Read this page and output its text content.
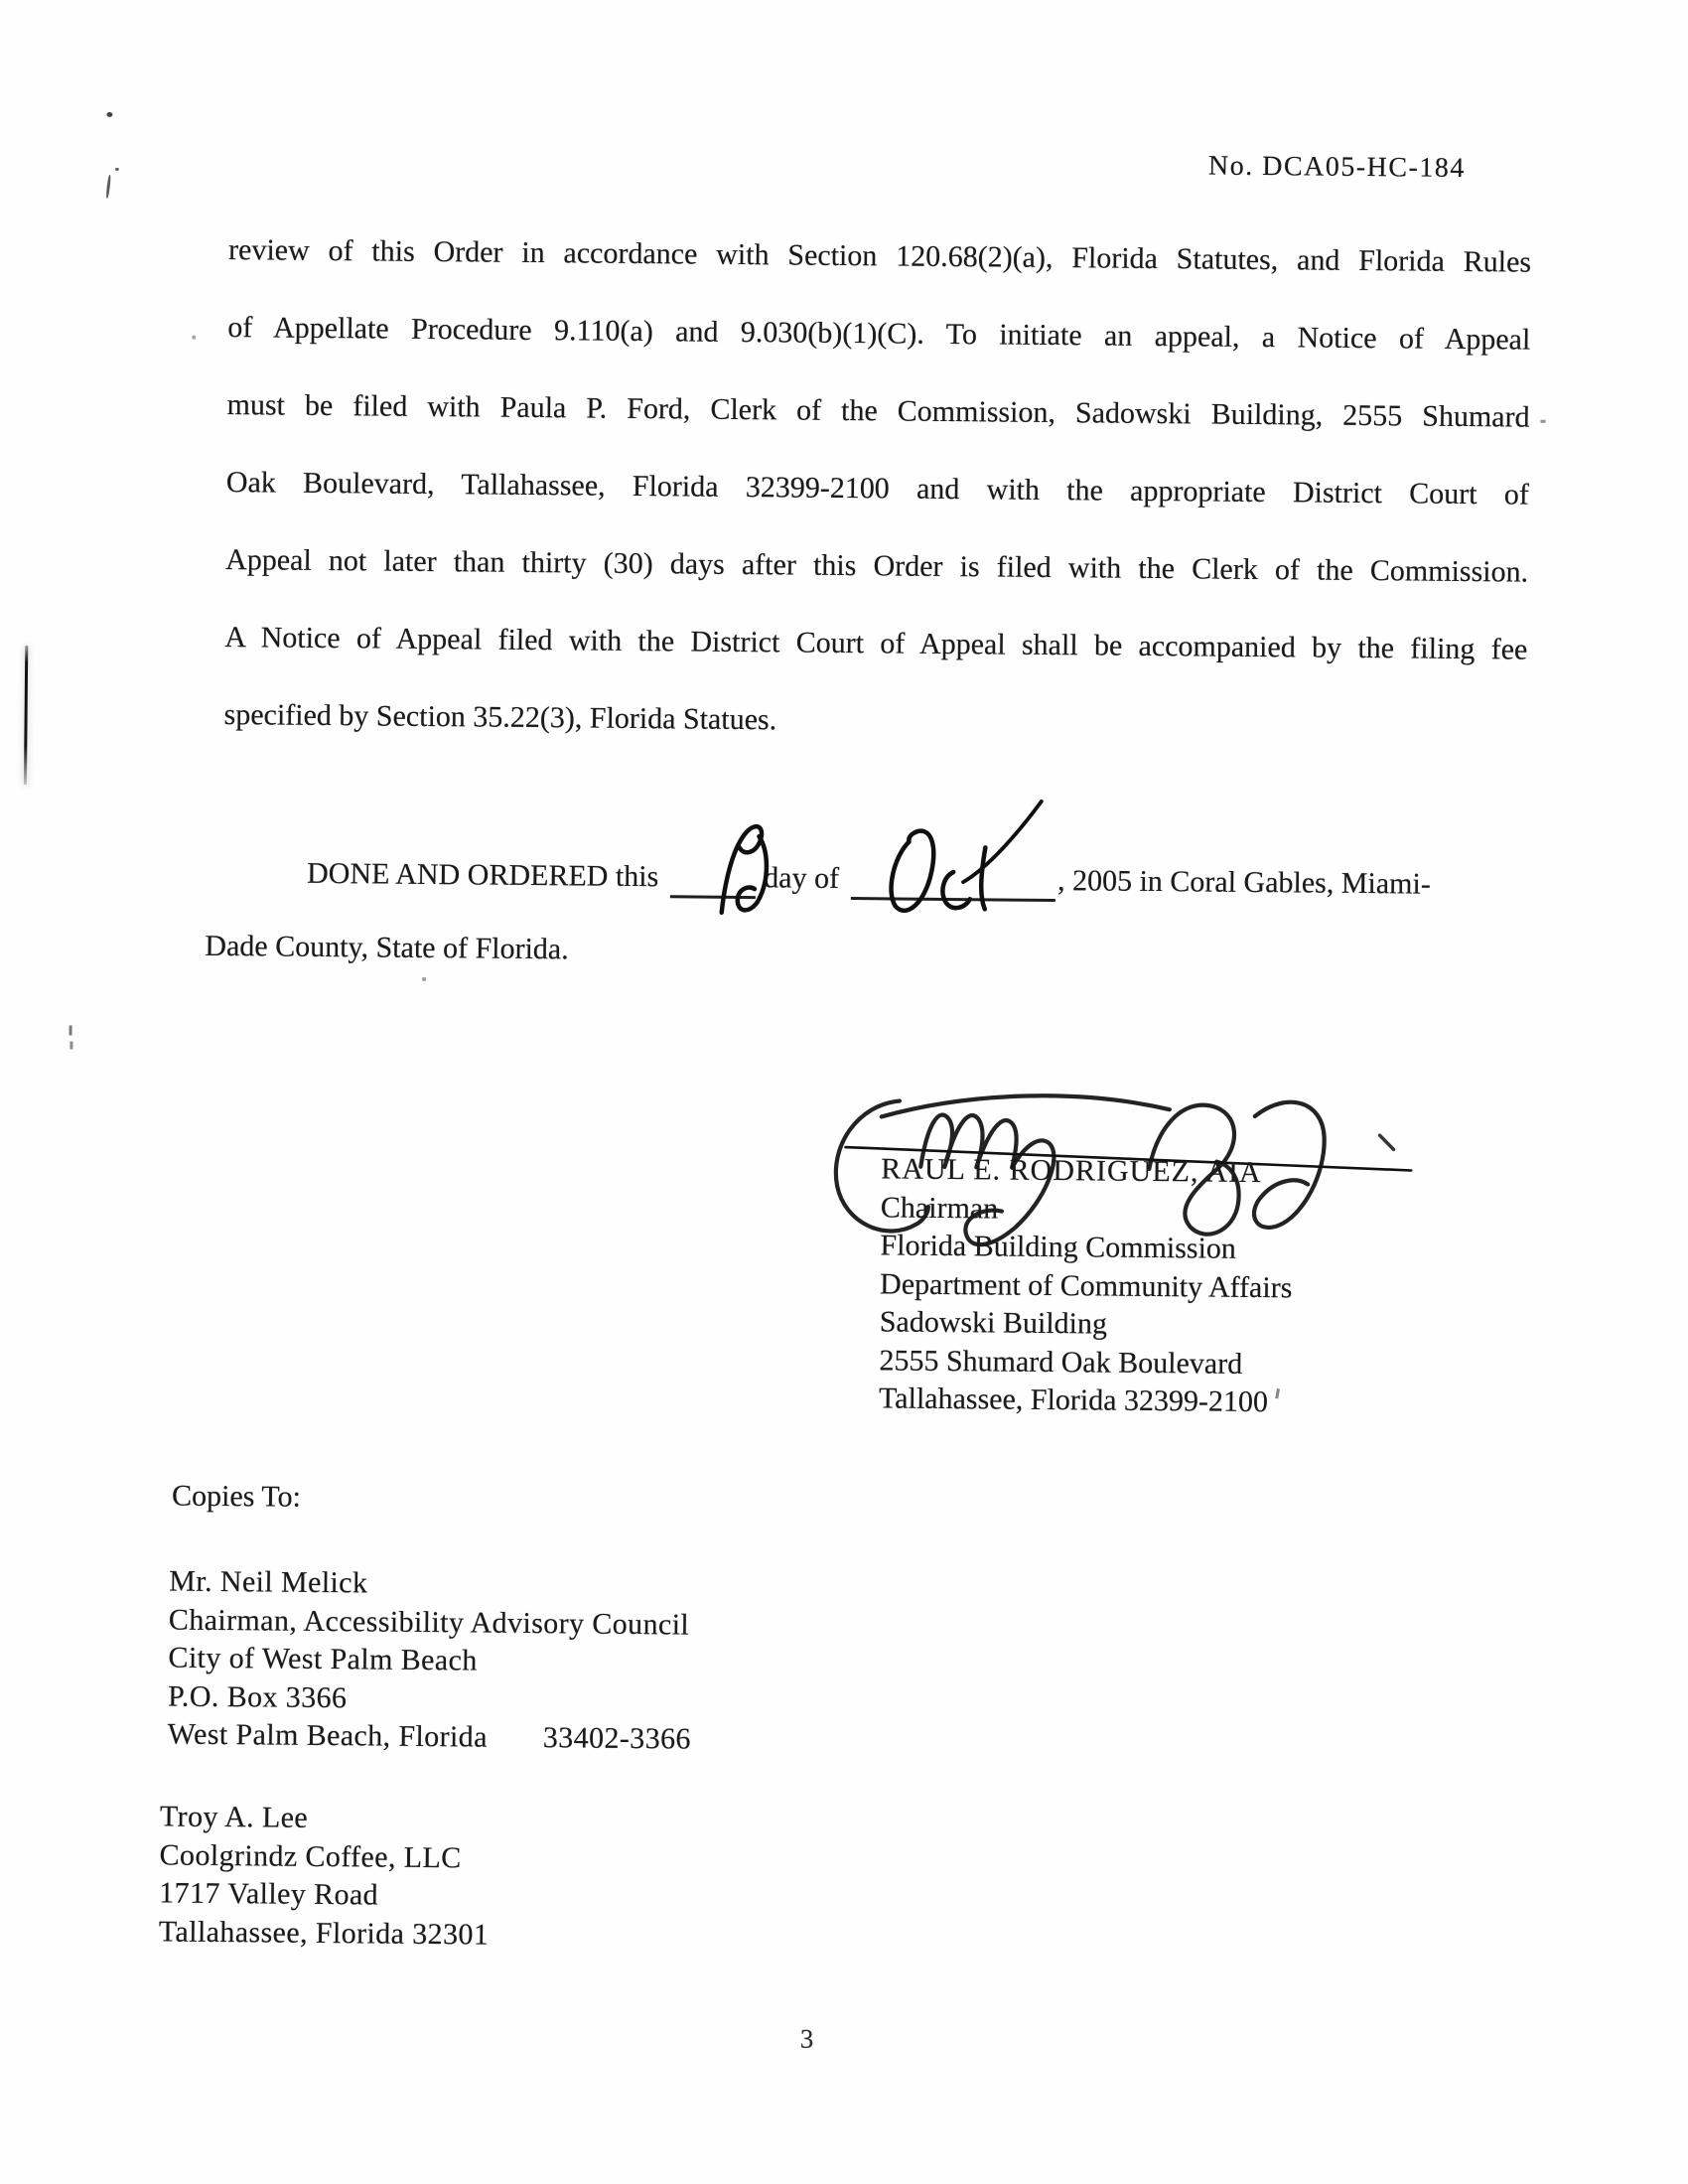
No. DCA05-HC-184
review of this Order in accordance with Section 120.68(2)(a), Florida Statutes, and Florida Rules
of Appellate Procedure 9.110(a) and 9.030(b)(1)(C). To initiate an appeal, a Notice of Appeal
must be filed with Paula P. Ford, Clerk of the Commission, Sadowski Building, 2555 Shumard
Oak Boulevard, Tallahassee, Florida 32399-2100 and with the appropriate District Court of
Appeal not later than thirty (30) days after this Order is filed with the Clerk of the Commission.
A Notice of Appeal filed with the District Court of Appeal shall be accompanied by the filing fee
specified by Section 35.22(3), Florida Statues.
DONE AND ORDERED this	day of	, 2005 in Coral Gables, Miami-
Dade County, State of Florida.
RAUL E. RODRIGUEZ, AIA
Chairman
Florida Building Commission
Department of Community Affairs
Sadowski Building
2555 Shumard Oak Boulevard
Tallahassee, Florida 32399-2100
Copies To:
Mr. Neil Melick
Chairman, Accessibility Advisory Council
City of West Palm Beach
P.O. Box 3366
West Palm Beach, Florida 33402-3366
Troy A. Lee
Coolgrindz Coffee, LLC
1717 Valley Road
Tallahassee, Florida 32301
3
